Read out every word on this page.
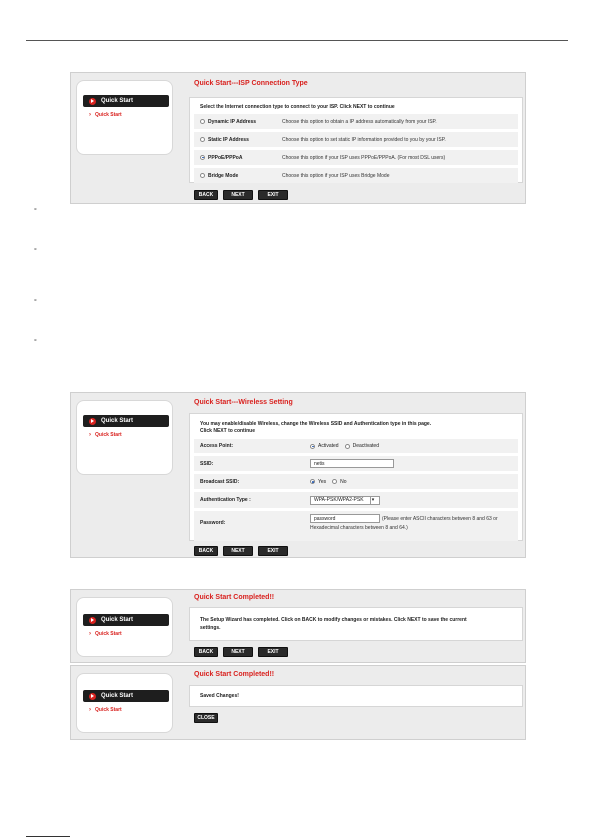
Quick Start
› Quick Start
Quick Start---ISP Connection Type
Select the Internet connection type to connect to your ISP. Click NEXT to continue
Dynamic IP Address	Choose this option to obtain a IP address automatically from your ISP.
Static IP Address	Choose this option to set static IP information provided to you by your ISP.
PPPoE/PPPoA	Choose this option if your ISP uses PPPoE/PPPoA. (For most DSL users)
Bridge Mode	Choose this option if your ISP uses Bridge Mode
BACK	NEXT	EXIT
°
°
°
°
Quick Start
› Quick Start
Quick Start---Wireless Setting
You may enable/disable Wireless, change the Wireless SSID and Authentication type in this page.
Click NEXT to continue
Access Point:	Activated	Deactivated
SSID:	netis
Broadcast SSID:	Yes	No
Authentication Type :	WPA-PSK/WPA2-PSK	▾
Password:
password	(Please enter ASCII characters between 8 and 63 or
Hexadecimal characters between 8 and 64.)
BACK	NEXT	EXIT
Quick Start
› Quick Start
Quick Start Completed!!
The Setup Wizard has completed. Click on BACK to modify changes or mistakes. Click NEXT to save the current
settings.
BACK	NEXT	EXIT
Quick Start
› Quick Start
Quick Start Completed!!
Saved Changes!
CLOSE
